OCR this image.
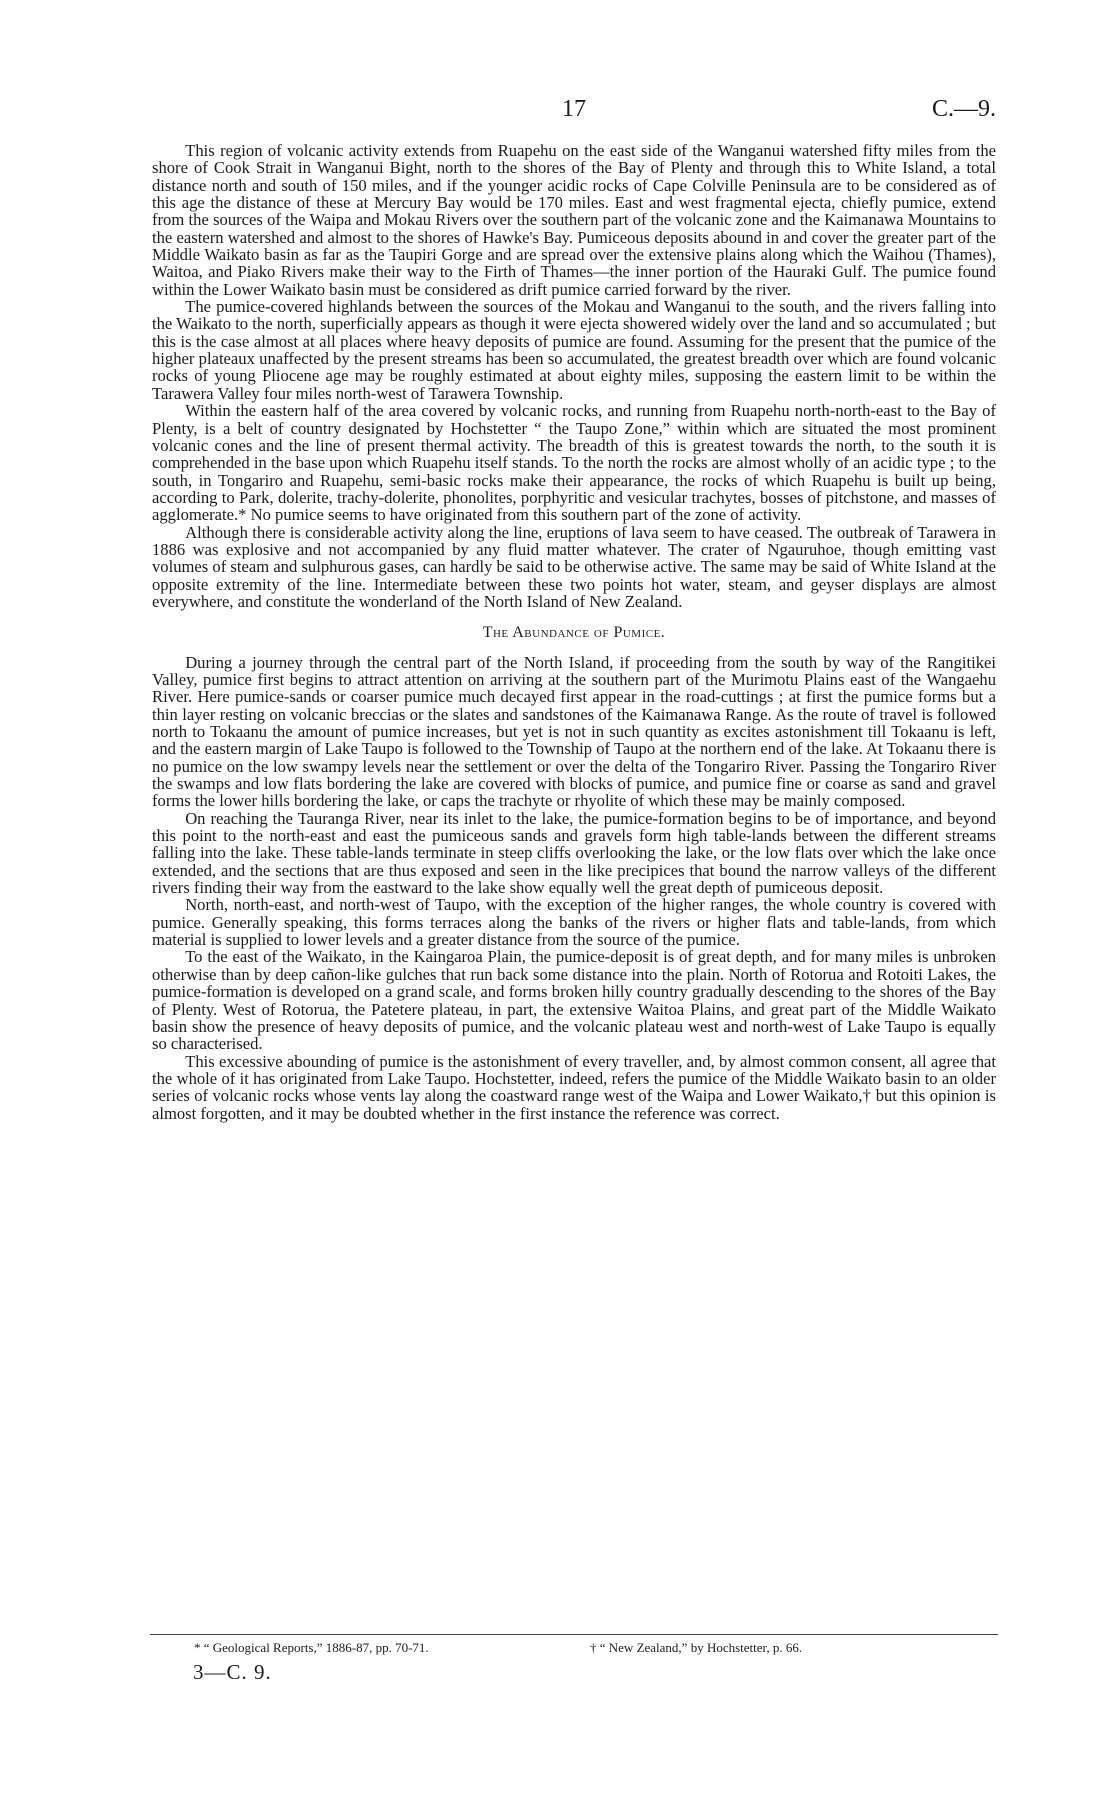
17	C.—9.

This region of volcanic activity extends from Ruapehu on the east side of the Wanganui watershed fifty miles from the shore of Cook Strait in Wanganui Bight, north to the shores of the Bay of Plenty and through this to White Island, a total distance north and south of 150 miles, and if the younger acidic rocks of Cape Colville Peninsula are to be considered as of this age the distance of these at Mercury Bay would be 170 miles. East and west fragmental ejecta, chiefly pumice, extend from the sources of the Waipa and Mokau Rivers over the southern part of the volcanic zone and the Kaimanawa Mountains to the eastern watershed and almost to the shores of Hawke's Bay. Pumiceous deposits abound in and cover the greater part of the Middle Waikato basin as far as the Taupiri Gorge and are spread over the extensive plains along which the Waihou (Thames), Waitoa, and Piako Rivers make their way to the Firth of Thames—the inner portion of the Hauraki Gulf. The pumice found within the Lower Waikato basin must be considered as drift pumice carried forward by the river.

The pumice-covered highlands between the sources of the Mokau and Wanganui to the south, and the rivers falling into the Waikato to the north, superficially appears as though it were ejecta showered widely over the land and so accumulated ; but this is the case almost at all places where heavy deposits of pumice are found. Assuming for the present that the pumice of the higher plateaux unaffected by the present streams has been so accumulated, the greatest breadth over which are found volcanic rocks of young Pliocene age may be roughly estimated at about eighty miles, supposing the eastern limit to be within the Tarawera Valley four miles north-west of Tarawera Township.

Within the eastern half of the area covered by volcanic rocks, and running from Ruapehu north-north-east to the Bay of Plenty, is a belt of country designated by Hochstetter “ the Taupo Zone,” within which are situated the most prominent volcanic cones and the line of present thermal activity. The breadth of this is greatest towards the north, to the south it is comprehended in the base upon which Ruapehu itself stands. To the north the rocks are almost wholly of an acidic type ; to the south, in Tongariro and Ruapehu, semi-basic rocks make their appearance, the rocks of which Ruapehu is built up being, according to Park, dolerite, trachy-dolerite, phonolites, porphyritic and vesicular trachytes, bosses of pitchstone, and masses of agglomerate.* No pumice seems to have originated from this southern part of the zone of activity.

Although there is considerable activity along the line, eruptions of lava seem to have ceased. The outbreak of Tarawera in 1886 was explosive and not accompanied by any fluid matter whatever. The crater of Ngauruhoe, though emitting vast volumes of steam and sulphurous gases, can hardly be said to be otherwise active. The same may be said of White Island at the opposite extremity of the line. Intermediate between these two points hot water, steam, and geyser displays are almost everywhere, and constitute the wonderland of the North Island of New Zealand.

The Abundance of Pumice.

During a journey through the central part of the North Island, if proceeding from the south by way of the Rangitikei Valley, pumice first begins to attract attention on arriving at the southern part of the Murimotu Plains east of the Wangaehu River. Here pumice-sands or coarser pumice much decayed first appear in the road-cuttings ; at first the pumice forms but a thin layer resting on volcanic breccias or the slates and sandstones of the Kaimanawa Range. As the route of travel is followed north to Tokaanu the amount of pumice increases, but yet is not in such quantity as excites astonishment till Tokaanu is left, and the eastern margin of Lake Taupo is followed to the Township of Taupo at the northern end of the lake. At Tokaanu there is no pumice on the low swampy levels near the settlement or over the delta of the Tongariro River. Passing the Tongariro River the swamps and low flats bordering the lake are covered with blocks of pumice, and pumice fine or coarse as sand and gravel forms the lower hills bordering the lake, or caps the trachyte or rhyolite of which these may be mainly composed.

On reaching the Tauranga River, near its inlet to the lake, the pumice-formation begins to be of importance, and beyond this point to the north-east and east the pumiceous sands and gravels form high table-lands between the different streams falling into the lake. These table-lands terminate in steep cliffs overlooking the lake, or the low flats over which the lake once extended, and the sections that are thus exposed and seen in the like precipices that bound the narrow valleys of the different rivers finding their way from the eastward to the lake show equally well the great depth of pumiceous deposit.

North, north-east, and north-west of Taupo, with the exception of the higher ranges, the whole country is covered with pumice. Generally speaking, this forms terraces along the banks of the rivers or higher flats and table-lands, from which material is supplied to lower levels and a greater distance from the source of the pumice.

To the east of the Waikato, in the Kaingaroa Plain, the pumice-deposit is of great depth, and for many miles is unbroken otherwise than by deep cañon-like gulches that run back some distance into the plain. North of Rotorua and Rotoiti Lakes, the pumice-formation is developed on a grand scale, and forms broken hilly country gradually descending to the shores of the Bay of Plenty. West of Rotorua, the Patetere plateau, in part, the extensive Waitoa Plains, and great part of the Middle Waikato basin show the presence of heavy deposits of pumice, and the volcanic plateau west and north-west of Lake Taupo is equally so characterised.

This excessive abounding of pumice is the astonishment of every traveller, and, by almost common consent, all agree that the whole of it has originated from Lake Taupo. Hochstetter, indeed, refers the pumice of the Middle Waikato basin to an older series of volcanic rocks whose vents lay along the coastward range west of the Waipa and Lower Waikato,† but this opinion is almost forgotten, and it may be doubted whether in the first instance the reference was correct.

* “ Geological Reports,” 1886-87, pp. 70-71.	† “ New Zealand,” by Hochstetter, p. 66.
3—C. 9.
